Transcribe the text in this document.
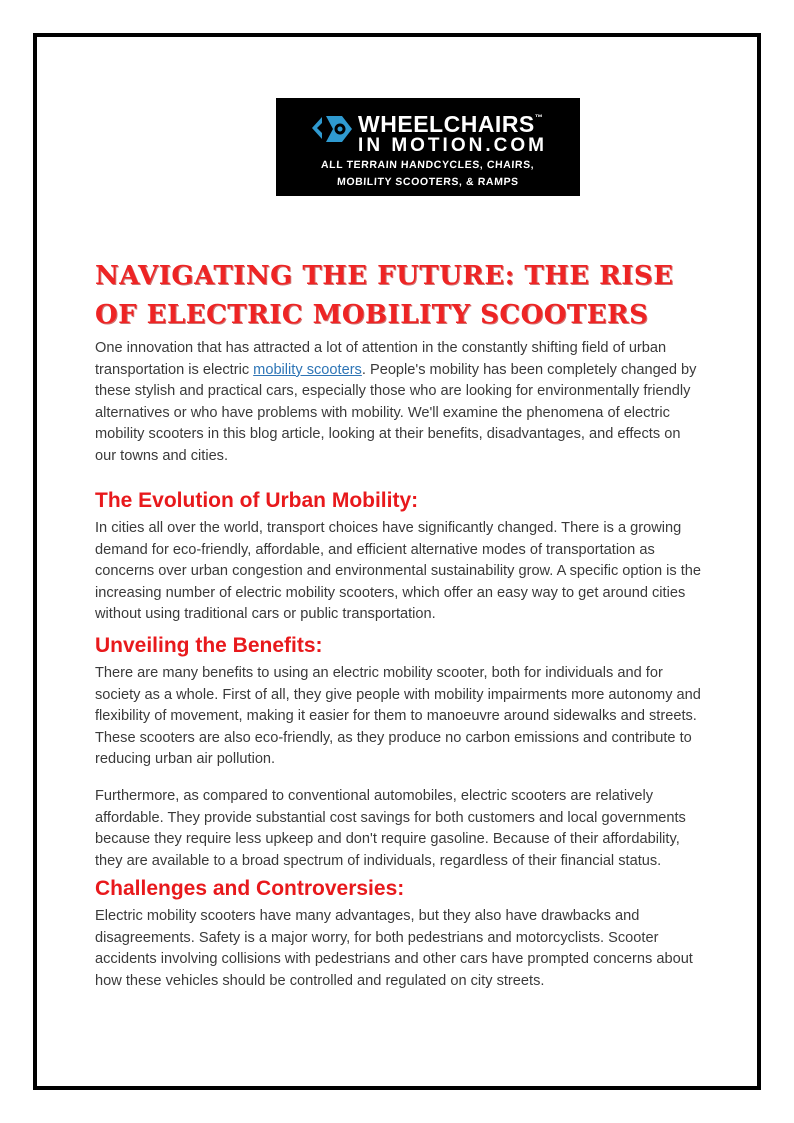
WHEELCHAIRS™
IN MOTION.COM
ALL TERRAIN HANDCYCLES, CHAIRS,
MOBILITY SCOOTERS, & RAMPS
NAVIGATING THE FUTURE: THE RISE OF ELECTRIC MOBILITY SCOOTERS

One innovation that has attracted a lot of attention in the constantly shifting field of urban transportation is electric mobility scooters. People's mobility has been completely changed by these stylish and practical cars, especially those who are looking for environmentally friendly alternatives or who have problems with mobility. We'll examine the phenomena of electric mobility scooters in this blog article, looking at their benefits, disadvantages, and effects on our towns and cities.

The Evolution of Urban Mobility:

In cities all over the world, transport choices have significantly changed. There is a growing demand for eco-friendly, affordable, and efficient alternative modes of transportation as concerns over urban congestion and environmental sustainability grow. A specific option is the increasing number of electric mobility scooters, which offer an easy way to get around cities without using traditional cars or public transportation.

Unveiling the Benefits:

There are many benefits to using an electric mobility scooter, both for individuals and for society as a whole. First of all, they give people with mobility impairments more autonomy and flexibility of movement, making it easier for them to manoeuvre around sidewalks and streets. These scooters are also eco-friendly, as they produce no carbon emissions and contribute to reducing urban air pollution.

Furthermore, as compared to conventional automobiles, electric scooters are relatively affordable. They provide substantial cost savings for both customers and local governments because they require less upkeep and don't require gasoline. Because of their affordability, they are available to a broad spectrum of individuals, regardless of their financial status.

Challenges and Controversies:

Electric mobility scooters have many advantages, but they also have drawbacks and disagreements. Safety is a major worry, for both pedestrians and motorcyclists. Scooter accidents involving collisions with pedestrians and other cars have prompted concerns about how these vehicles should be controlled and regulated on city streets.
